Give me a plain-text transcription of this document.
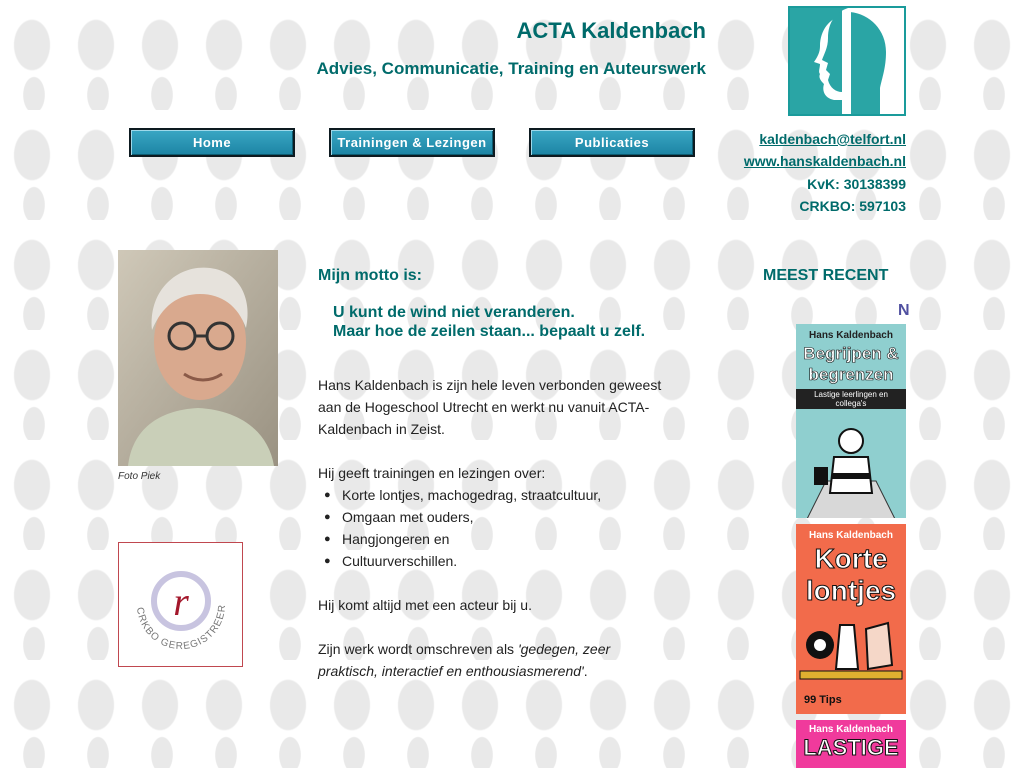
ACTA Kaldenbach
Advies, Communicatie, Training en Auteurswerk
Home	Trainingen & Lezingen	Publicaties	kaldenbach@telfort.nl
www.hanskaldenbach.nl
KvK: 30138399
CRKBO: 597103
Foto Piek
r
CRKBO GEREGISTREER
Mijn motto is:
U kunt de wind niet veranderen.
Maar hoe de zeilen staan... bepaalt u zelf.
Hans Kaldenbach is zijn hele leven verbonden geweest
aan de Hogeschool Utrecht en werkt nu vanuit ACTA-
Kaldenbach in Zeist.
Hij geeft trainingen en lezingen over:
● Korte lontjes, machogedrag, straatcultuur,
● Omgaan met ouders,
● Hangjongeren en
● Cultuurverschillen.
Hij komt altijd met een acteur bij u.
Zijn werk wordt omschreven als 'gedegen, zeer
praktisch, interactief en enthousiasmerend'.
MEEST RECENT
N
Hans Kaldenbach
Begrijpen &
begrenzen
Lastige leerlingen en collega's
Hans Kaldenbach
Korte
lontjes
99 Tips
Hans Kaldenbach
LASTIGE
